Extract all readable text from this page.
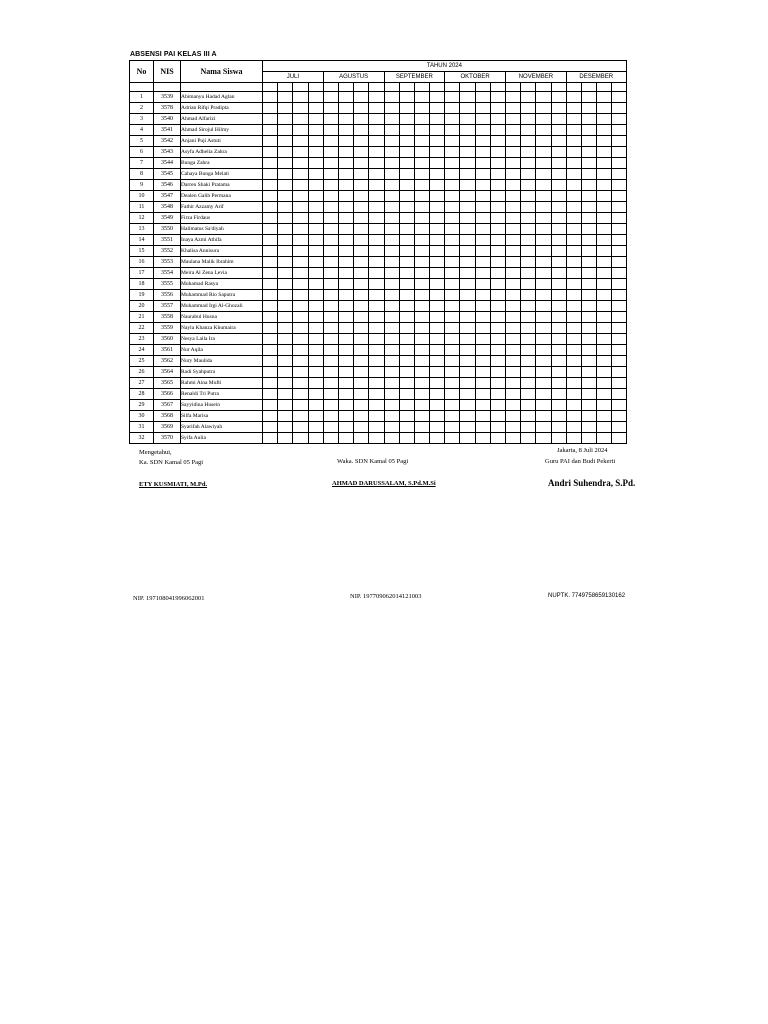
ABSENSI PAI KELAS III A
No	NIS	Nama Siswa	TAHUN 2024																							
			JULI				AGUSTUS				SEPTEMBER				OKTOBER				NOVEMBER				DESEMBER			

1	3539	Abimanyu Hadad Aglan																								
2	3578	Adrian Rifqi Pradipta																								
3	3540	Ahmad Alfarizi																								
4	3541	Ahmad Sirojul Hilmy																								
5	3542	Anjani Puji Astuti																								
6	3543	Asyfa Adhelia Zahra																								
7	3544	Bunga Zahra																								
8	3545	Cahaya Bunga Melati																								
9	3546	Darren Shaki Pratama																								
10	3547	Dealen Galih Permana																								
11	3548	Fathir Azzamy Arif																								
12	3549	Firza Firdaus																								
13	3550	Halimatus Sa'diyah																								
14	3551	Inaya Azmi Athifa																								
15	3552	Khalisa Annisura																								
16	3553	Maulana Malik Ibrahim																								
17	3554	Meira Al Zena Levia																								
18	3555	Muhamad Rasya																								
19	3556	Muhammad Rio Saputra																								
20	3557	Muhammad Irgi Al-Ghozali																								
21	3558	Naurabul Husna																								
22	3559	Nayla Khanza Khumaira																								
23	3560	Nesya Laila Ira																								
24	3561	Nur Aqila																								
25	3562	Nury Maulida																								
26	3564	Radi Syahputra																								
27	3565	Rahmi Aina Mufti																								
28	3566	Renaldi Tri Putra																								
29	3567	Sayyidina Husein																								
30	3568	Silfa Marisa																								
31	3569	Syarifah Alawiyah																								
32	3570	Syifa Aulia																								
Mengetahui,	Jakarta, 8 Juli 2024
Ka. SDN Kamal 05 Pagi	Waka. SDN Kamal 05 Pagi	Guru PAI dan Budi Pekerti
ETY KUSMIATI, M.Pd.	AHMAD DARUSSALAM, S.Pd.M.Si	Andri Suhendra, S.Pd.
NIP. 197108041996062001	NIP. 197709062014121003	NUPTK. 7749758659130162
